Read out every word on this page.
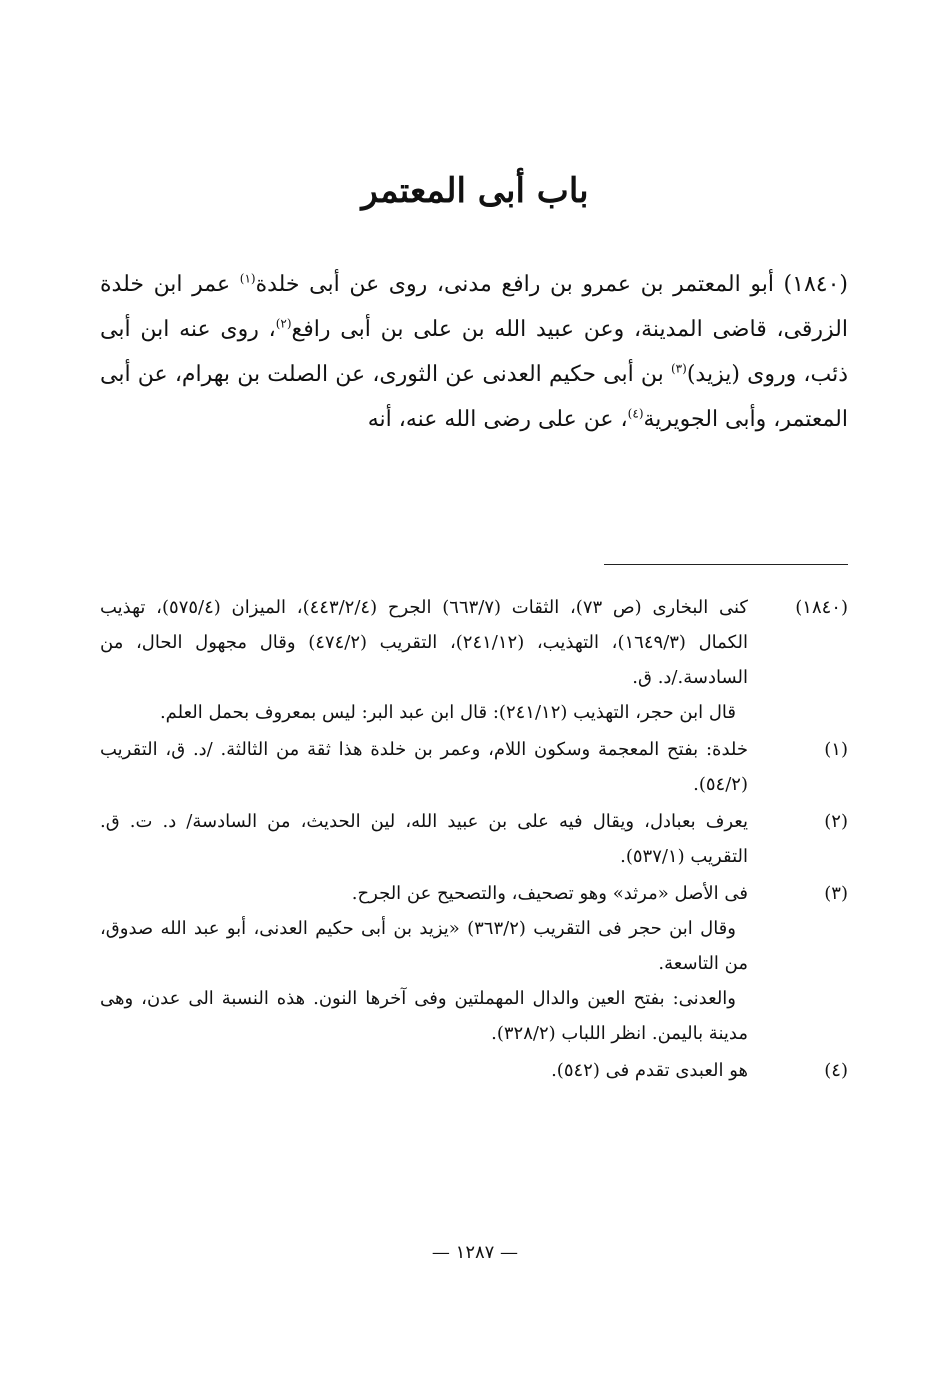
باب أبى المعتمر

(١٨٤٠) أبو المعتمر بن عمرو بن رافع مدنى، روى عن أبى خلدة$^{(١)}$ عمر ابن خلدة الزرقى، قاضى المدينة، وعن عبيد الله بن على بن أبى رافع$^{(٢)}$، روى عنه ابن أبى ذئب، وروى (يزيد)$^{(٣)}$ بن أبى حكيم العدنى عن الثورى، عن الصلت بن بهرام، عن أبى المعتمر، وأبى الجويرية$^{(٤)}$، عن على رضى الله عنه، أنه

(١٨٤٠)

كنى البخارى (ص ٧٣)، الثقات (٦٦٣/٧) الجرح (٤٤٣/٢/٤)، الميزان (٥٧٥/٤)، تهذيب الكمال (١٦٤٩/٣)، التهذيب، (٢٤١/١٢)، التقريب (٤٧٤/٢) وقال مجهول الحال، من السادسة./د. ق.

قال ابن حجر، التهذيب (٢٤١/١٢): قال ابن عبد البر: ليس بمعروف بحمل العلم.

(١)

خلدة: بفتح المعجمة وسكون اللام، وعمر بن خلدة هذا ثقة من الثالثة. /د. ق، التقريب (٥٤/٢).

(٢)

يعرف بعبادل، ويقال فيه على بن عبيد الله، لين الحديث، من السادسة/ د. ت. ق. التقريب (٥٣٧/١).

(٣)

فى الأصل «مرثد» وهو تصحيف، والتصحيح عن الجرح.

وقال ابن حجر فى التقريب (٣٦٣/٢) «يزيد بن أبى حكيم العدنى، أبو عبد الله صدوق، من التاسعة.

والعدنى: بفتح العين والدال المهملتين وفى آخرها النون. هذه النسبة الى عدن، وهى مدينة باليمن. انظر اللباب (٣٢٨/٢).

(٤)

هو العبدى تقدم فى (٥٤٢).

— ١٢٨٧ —
